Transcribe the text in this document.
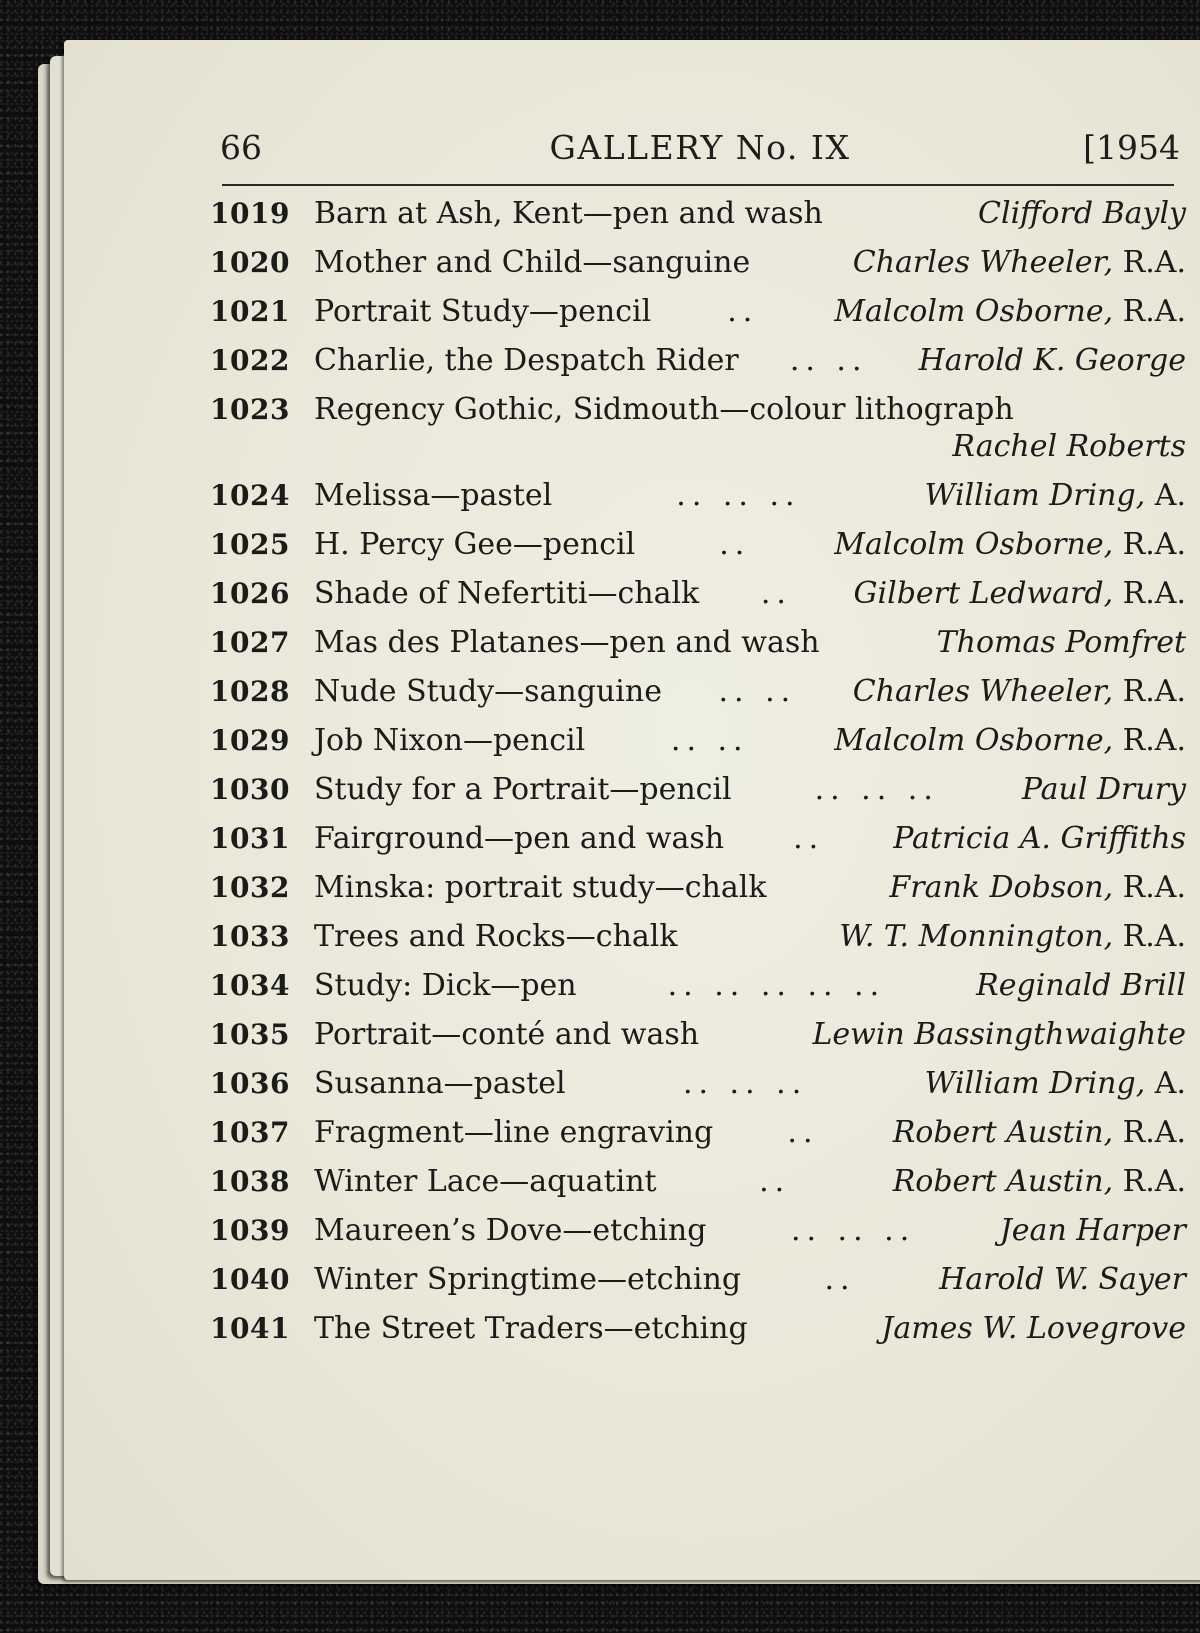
66	GALLERY No. IX	[1954
1019 Barn at Ash, Kent—pen and wash	Clifford Bayly
1020 Mother and Child—sanguine	Charles Wheeler, R.A.
1021 Portrait Study—pencil	..	Malcolm Osborne, R.A.
1022 Charlie, the Despatch Rider	.. ..	Harold K. George
1023 Regency Gothic, Sidmouth—colour lithograph
Rachel Roberts
1024 Melissa—pastel	.. .. ..	William Dring, A.
1025 H. Percy Gee—pencil	..	Malcolm Osborne, R.A.
1026 Shade of Nefertiti—chalk	..	Gilbert Ledward, R.A.
1027 Mas des Platanes—pen and wash	Thomas Pomfret
1028 Nude Study—sanguine	.. ..	Charles Wheeler, R.A.
1029 Job Nixon—pencil	.. ..	Malcolm Osborne, R.A.
1030 Study for a Portrait—pencil	.. .. ..	Paul Drury
1031 Fairground—pen and wash	..	Patricia A. Griffiths
1032 Minska: portrait study—chalk	Frank Dobson, R.A.
1033 Trees and Rocks—chalk	W. T. Monnington, R.A.
1034 Study: Dick—pen	.. .. .. .. ..	Reginald Brill
1035 Portrait—conté and wash	Lewin Bassingthwaighte
1036 Susanna—pastel	.. .. ..	William Dring, A.
1037 Fragment—line engraving	..	Robert Austin, R.A.
1038 Winter Lace—aquatint	..	Robert Austin, R.A.
1039 Maureen’s Dove—etching	.. .. ..	Jean Harper
1040 Winter Springtime—etching	..	Harold W. Sayer
1041 The Street Traders—etching	James W. Lovegrove
